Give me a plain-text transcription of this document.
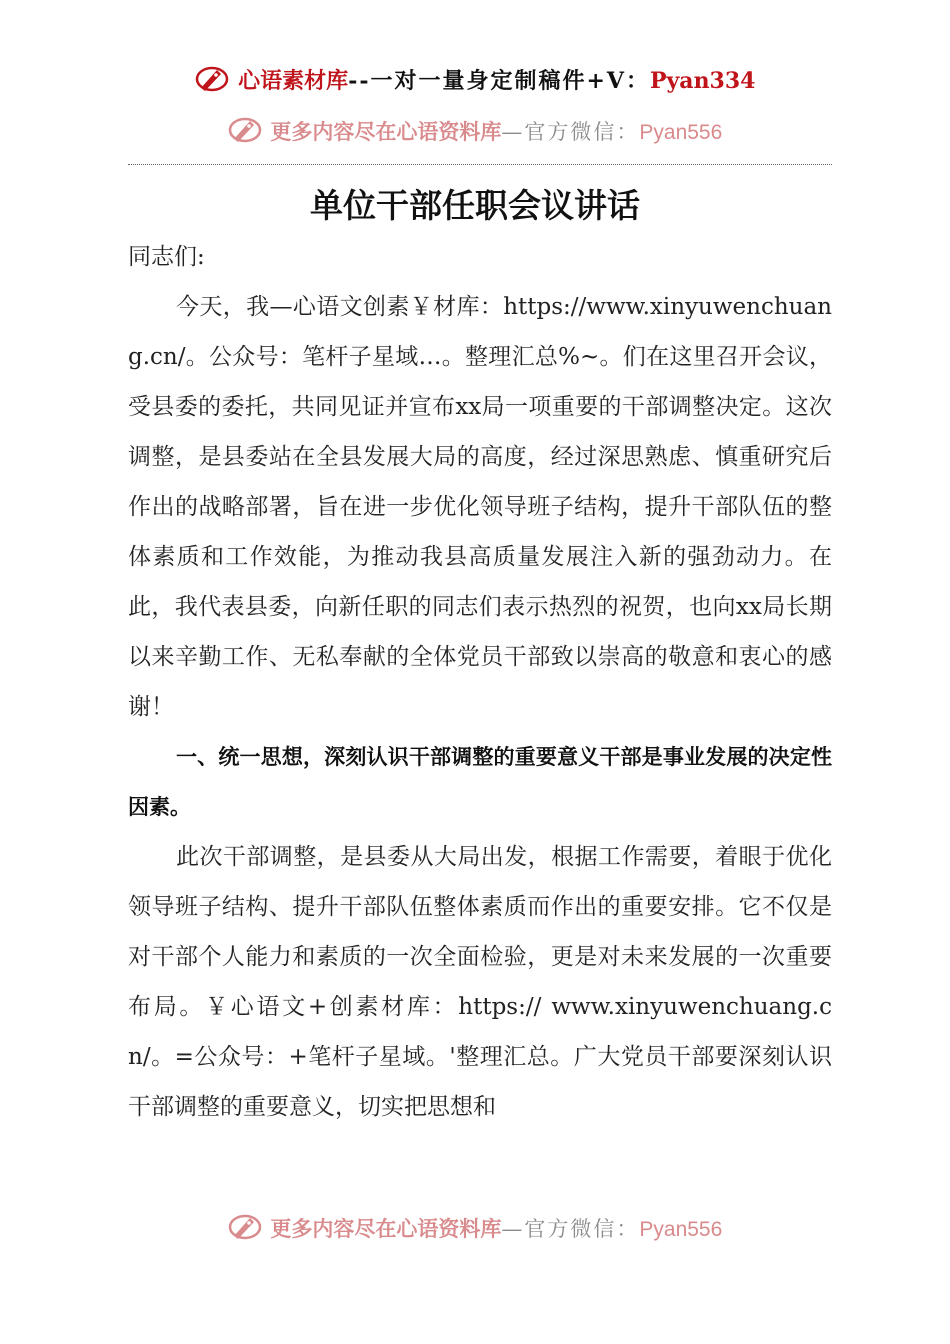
心语素材库--一对一量身定制稿件+V：Pyan334
更多内容尽在心语资料库—官方微信：Pyan556
单位干部任职会议讲话

同志们:

今天，我—心语文创素￥材库：https://www.xinyuwenchuang.cn/。公众号：笔杆子星域…。整理汇总%~。们在这里召开会议，受县委的委托，共同见证并宣布xx局一项重要的干部调整决定。这次调整，是县委站在全县发展大局的高度，经过深思熟虑、慎重研究后作出的战略部署，旨在进一步优化领导班子结构，提升干部队伍的整体素质和工作效能，为推动我县高质量发展注入新的强劲动力。在此，我代表县委，向新任职的同志们表示热烈的祝贺，也向xx局长期以来辛勤工作、无私奉献的全体党员干部致以崇高的敬意和衷心的感谢！

一、统一思想，深刻认识干部调整的重要意义干部是事业发展的决定性因素。

此次干部调整，是县委从大局出发，根据工作需要，着眼于优化领导班子结构、提升干部队伍整体素质而作出的重要安排。它不仅是对干部个人能力和素质的一次全面检验，更是对未来发展的一次重要布局。￥心语文+创素材库：https:// www.xinyuwenchuang.cn/。=公众号：+笔杆子星域。'整理汇总。广大党员干部要深刻认识干部调整的重要意义，切实把思想和

更多内容尽在心语资料库—官方微信：Pyan556
